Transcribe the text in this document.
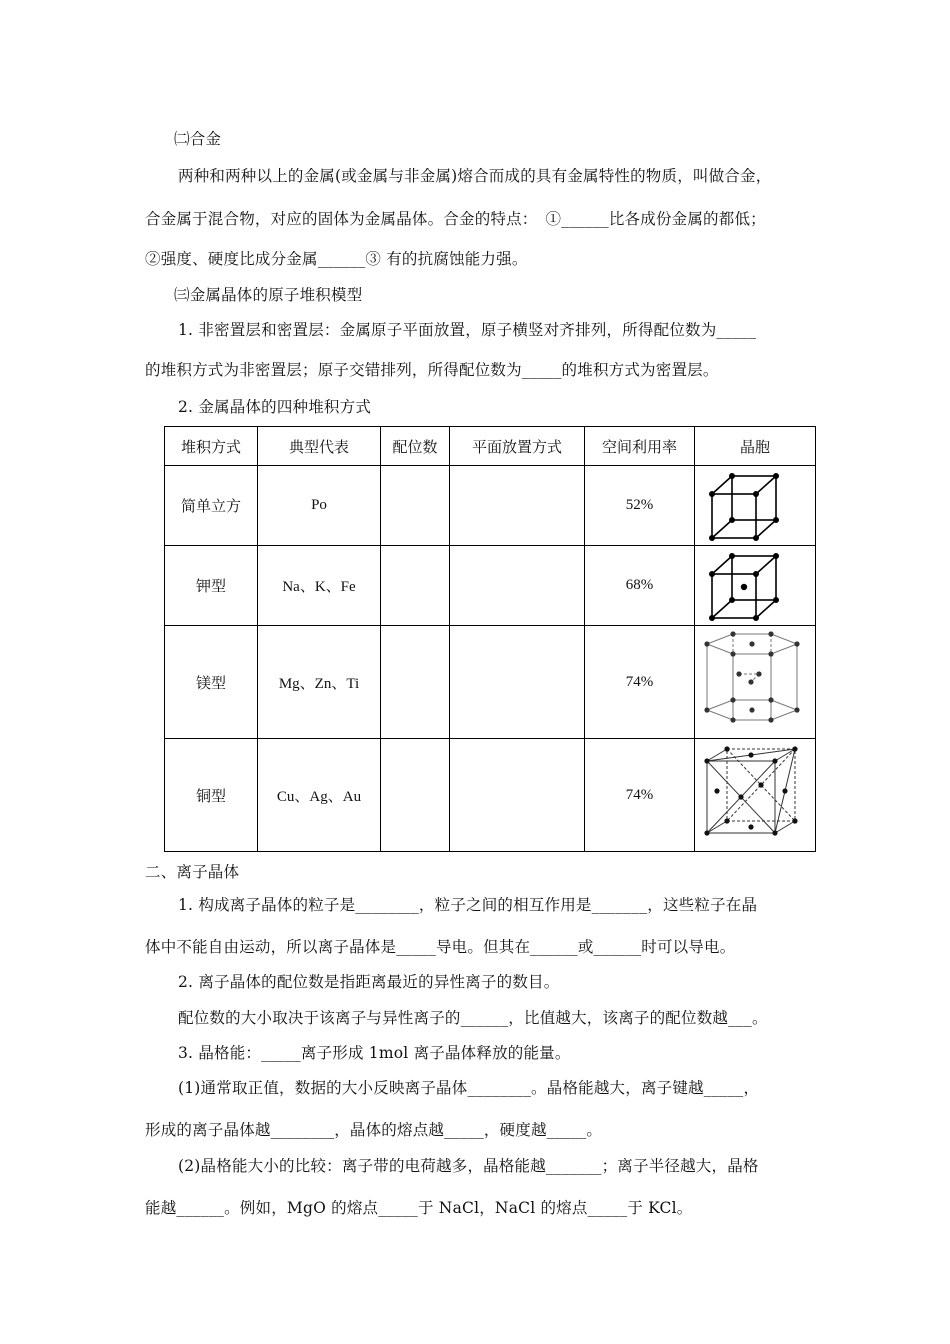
㈡合金
两种和两种以上的金属(或金属与非金属)熔合而成的具有金属特性的物质，叫做合金，
合金属于混合物，对应的固体为金属晶体。合金的特点：　①______比各成份金属的都低；
②强度、硬度比成分金属______③ 有的抗腐蚀能力强。
㈢金属晶体的原子堆积模型
1. 非密置层和密置层：金属原子平面放置，原子横竖对齐排列，所得配位数为_____
的堆积方式为非密置层；原子交错排列，所得配位数为_____的堆积方式为密置层。
2. 金属晶体的四种堆积方式
堆积方式	典型代表	配位数	平面放置方式	空间利用率	晶胞
简单立方	Po			52%	

钾型	Na、K、Fe			68%	

镁型	Mg、Zn、Ti			74%	

铜型	Cu、Ag、Au			74%	
二、离子晶体
1. 构成离子晶体的粒子是________，粒子之间的相互作用是_______，这些粒子在晶
体中不能自由运动，所以离子晶体是_____导电。但其在______或______时可以导电。
2. 离子晶体的配位数是指距离最近的异性离子的数目。
配位数的大小取决于该离子与异性离子的______，比值越大，该离子的配位数越___。
3. 晶格能：_____离子形成 1mol 离子晶体释放的能量。
(1)通常取正值，数据的大小反映离子晶体________。晶格能越大，离子键越_____，
形成的离子晶体越________，晶体的熔点越_____，硬度越_____。
(2)晶格能大小的比较：离子带的电荷越多，晶格能越_______；离子半径越大，晶格
能越______。例如，MgO 的熔点_____于 NaCl，NaCl 的熔点_____于 KCl。
